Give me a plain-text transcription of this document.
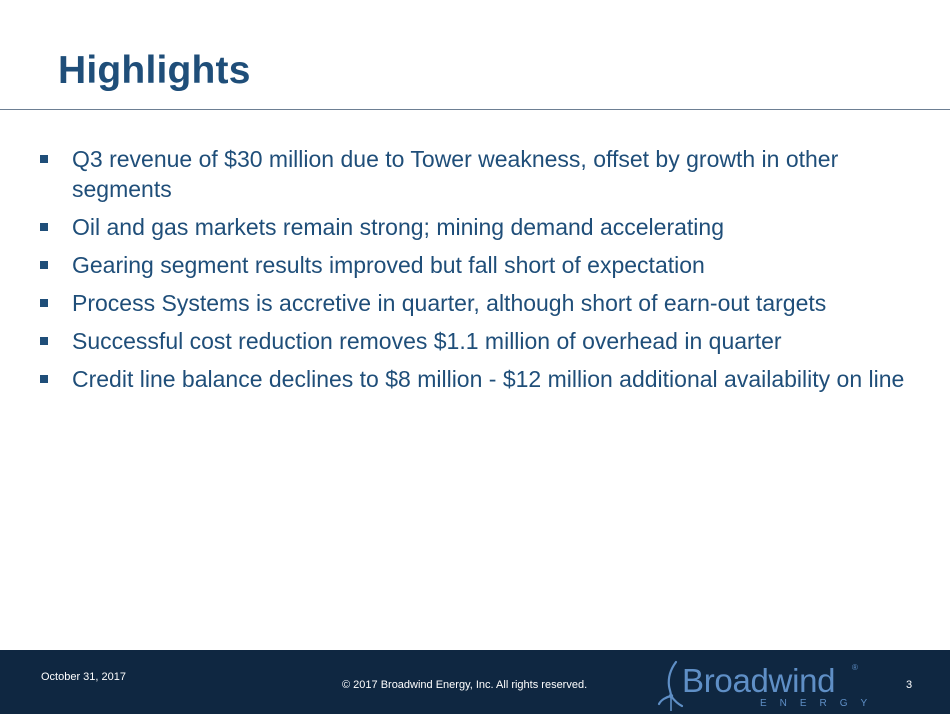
Highlights
Q3 revenue of $30 million due to Tower weakness, offset by growth in other segments
Oil and gas markets remain strong; mining demand accelerating
Gearing segment results improved but fall short of expectation
Process Systems is accretive in quarter, although short of earn-out targets
Successful cost reduction removes $1.1 million of overhead in quarter
Credit line balance declines to $8 million - $12 million additional availability on line
October 31, 2017
© 2017 Broadwind Energy, Inc. All rights reserved.	Broadwind ®
ENERGY
3
